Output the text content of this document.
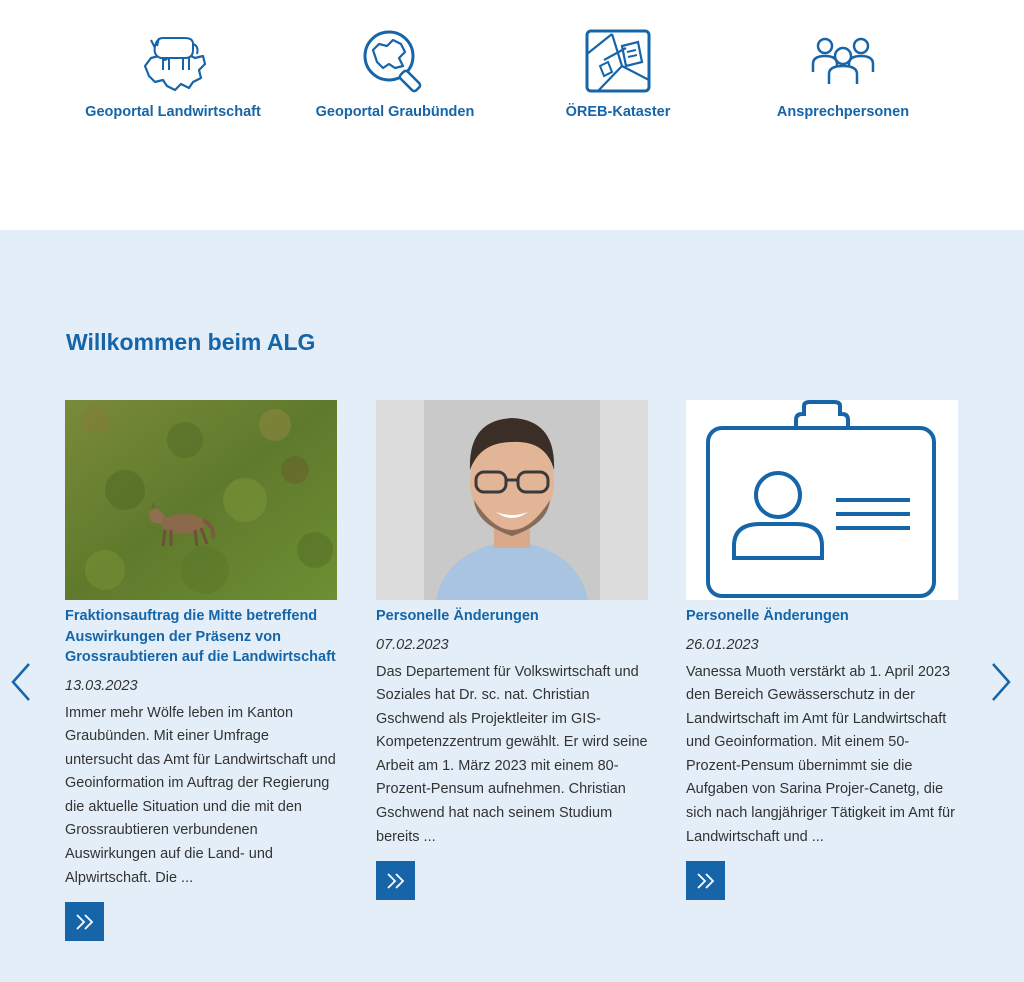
Geoportal Landwirtschaft	Geoportal Graubünden	ÖREB-Kataster	Ansprechpersonen
Willkommen beim ALG
Fraktionsauftrag die Mitte betreffend Auswirkungen der Präsenz von Grossraubtieren auf die Landwirtschaft
13.03.2023
Immer mehr Wölfe leben im Kanton Graubünden. Mit einer Umfrage untersucht das Amt für Landwirtschaft und Geoinformation im Auftrag der Regierung die aktuelle Situation und die mit den Grossraubtieren verbundenen Auswirkungen auf die Land- und Alpwirtschaft. Die ...
Personelle Änderungen
07.02.2023
Das Departement für Volkswirtschaft und Soziales hat Dr. sc. nat. Christian Gschwend als Projektleiter im GIS-Kompetenzzentrum gewählt. Er wird seine Arbeit am 1. März 2023 mit einem 80-Prozent-Pensum aufnehmen. Christian Gschwend hat nach seinem Studium bereits ...
Personelle Änderungen
26.01.2023
Vanessa Muoth verstärkt ab 1. April 2023 den Bereich Gewässerschutz in der Landwirtschaft im Amt für Landwirtschaft und Geoinformation. Mit einem 50-Prozent-Pensum übernimmt sie die Aufgaben von Sarina Projer-Canetg, die sich nach langjähriger Tätigkeit im Amt für Landwirtschaft und ...
